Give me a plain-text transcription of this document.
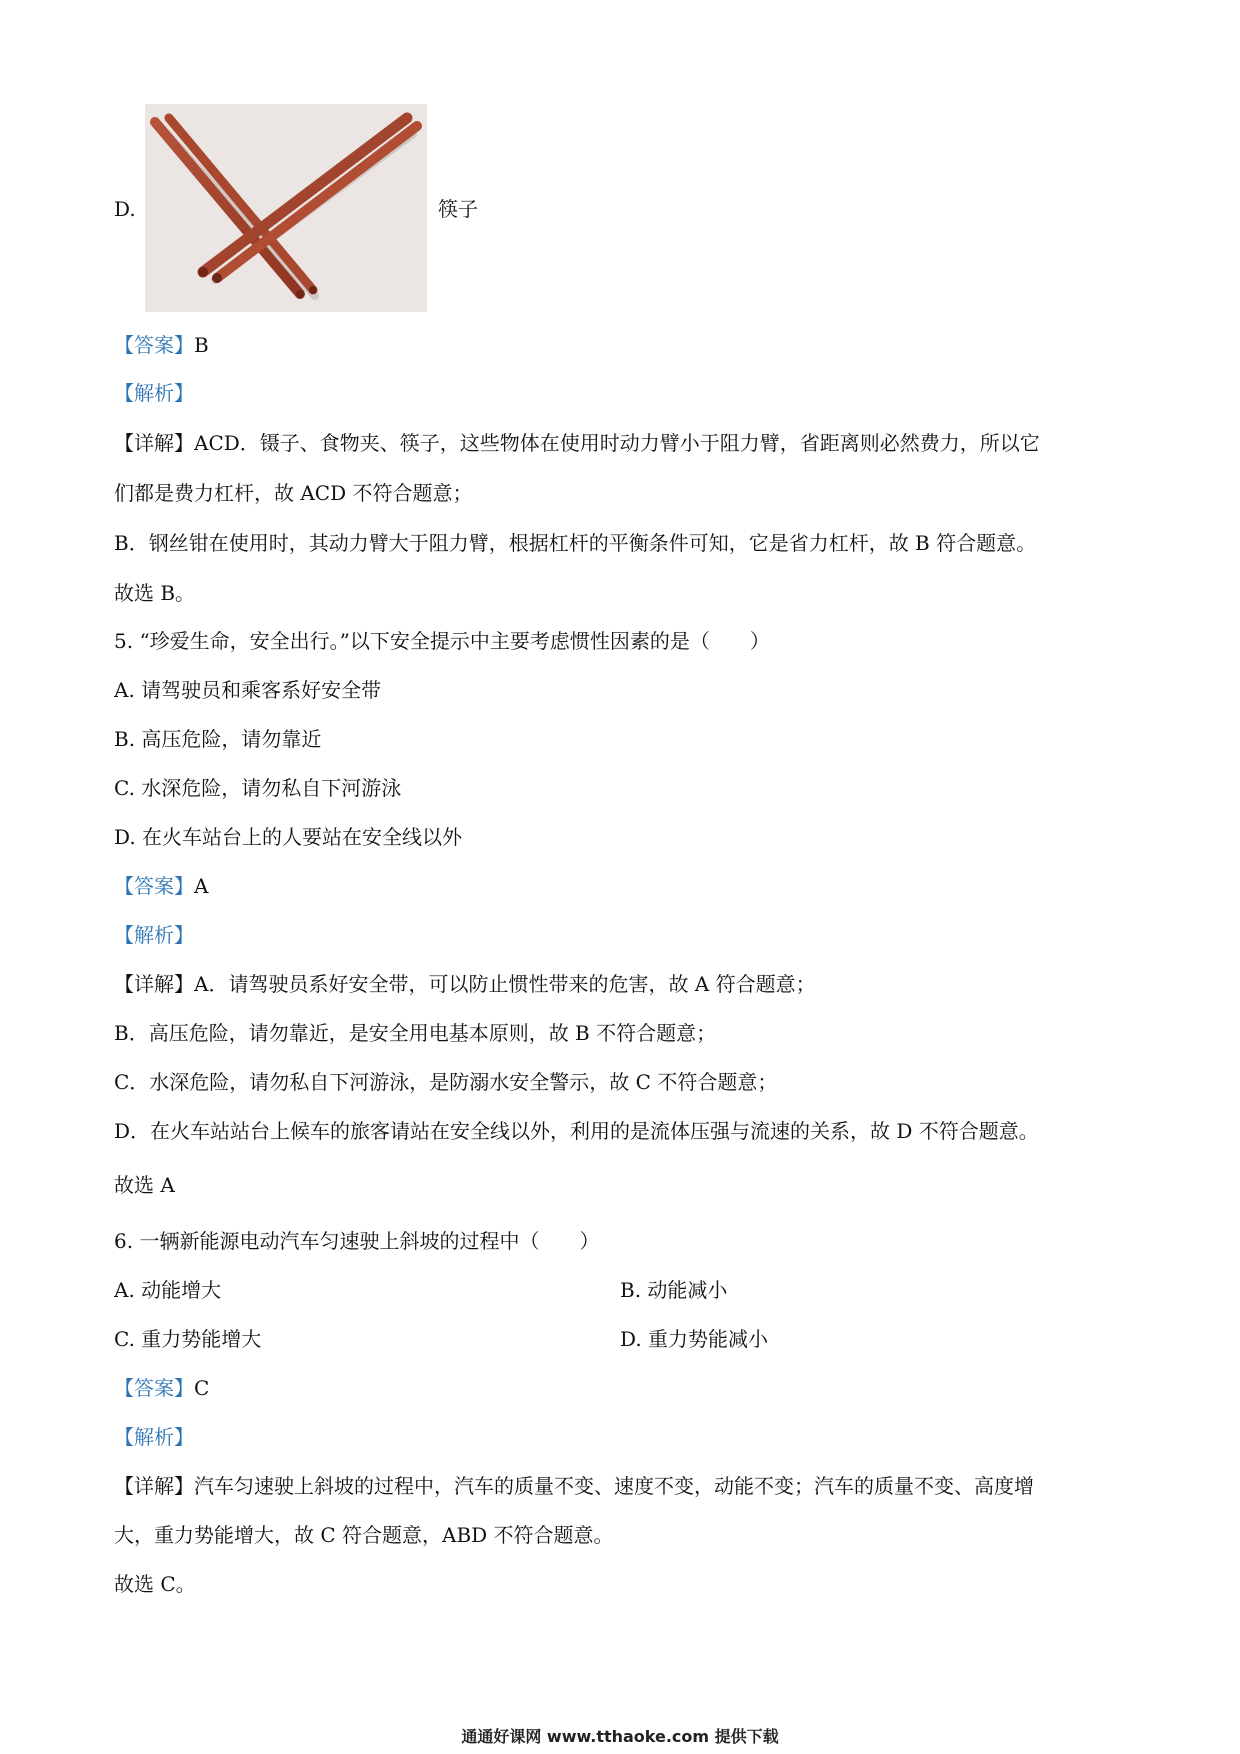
D.	筷子
【答案】B
【解析】
【详解】ACD．镊子、食物夹、筷子，这些物体在使用时动力臂小于阻力臂，省距离则必然费力，所以它
们都是费力杠杆，故 ACD 不符合题意；
B．钢丝钳在使用时，其动力臂大于阻力臂，根据杠杆的平衡条件可知，它是省力杠杆，故 B 符合题意。
故选 B。
5. “珍爱生命，安全出行。”以下安全提示中主要考虑惯性因素的是（　　）
A. 请驾驶员和乘客系好安全带
B. 高压危险，请勿靠近
C. 水深危险，请勿私自下河游泳
D. 在火车站台上的人要站在安全线以外
【答案】A
【解析】
【详解】A．请驾驶员系好安全带，可以防止惯性带来的危害，故 A 符合题意；
B．高压危险，请勿靠近，是安全用电基本原则，故 B 不符合题意；
C．水深危险，请勿私自下河游泳，是防溺水安全警示，故 C 不符合题意；
D．在火车站站台上候车的旅客请站在安全线以外，利用的是流体压强与流速的关系，故 D 不符合题意。
故选 A
6. 一辆新能源电动汽车匀速驶上斜坡的过程中（　　）
A. 动能增大	B. 动能减小
C. 重力势能增大	D. 重力势能减小
【答案】C
【解析】
【详解】汽车匀速驶上斜坡的过程中，汽车的质量不变、速度不变，动能不变；汽车的质量不变、高度增
大，重力势能增大，故 C 符合题意，ABD 不符合题意。
故选 C。
通通好课网 www.tthaoke.com 提供下载
